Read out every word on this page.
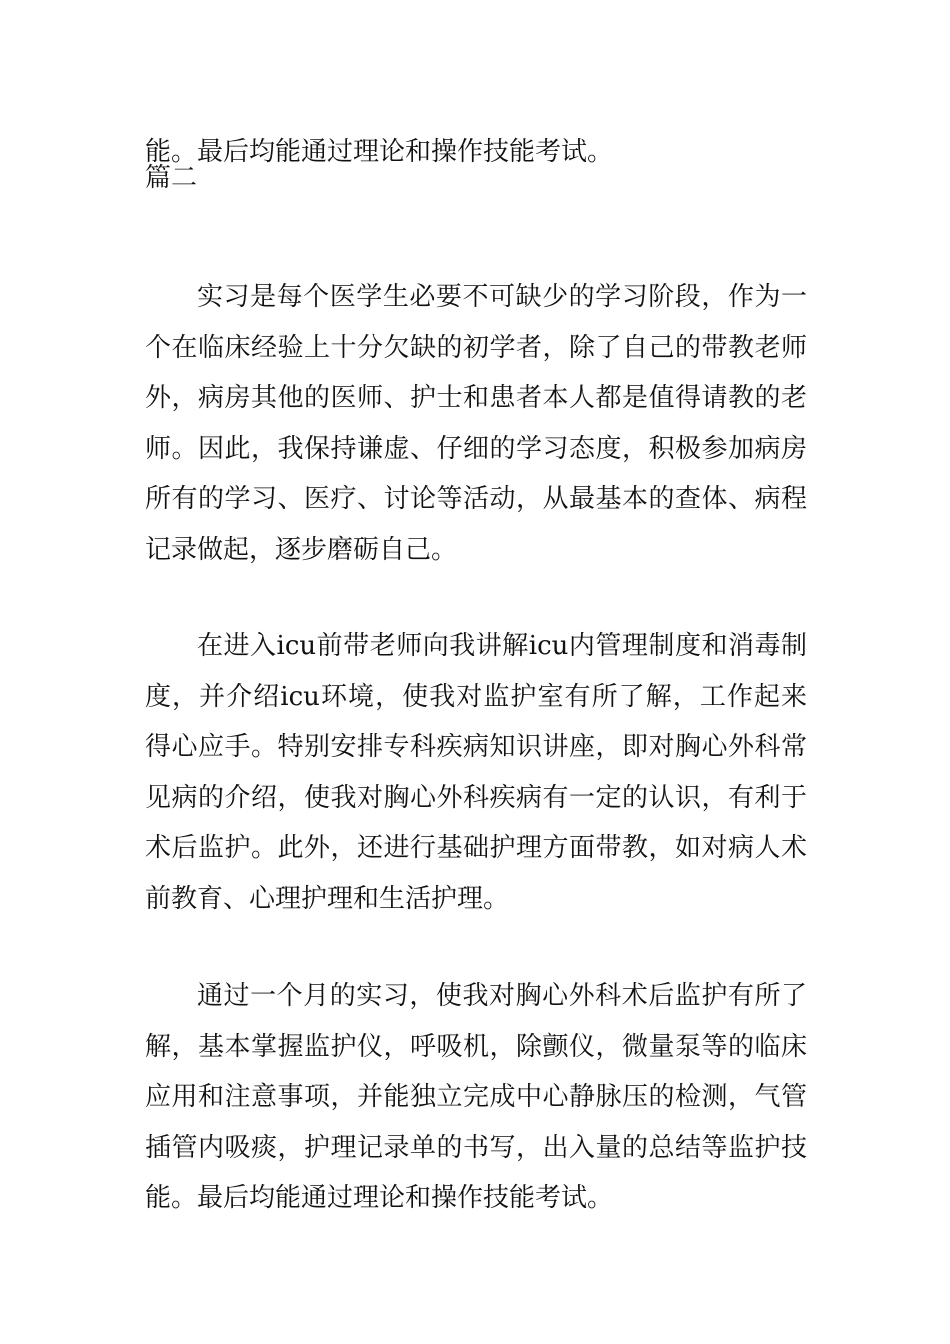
能。最后均能通过理论和操作技能考试。
篇二

实习是每个医学生必要不可缺少的学习阶段，作为一个在临床经验上十分欠缺的初学者，除了自己的带教老师外，病房其他的医师、护士和患者本人都是值得请教的老师。因此，我保持谦虚、仔细的学习态度，积极参加病房所有的学习、医疗、讨论等活动，从最基本的查体、病程记录做起，逐步磨砺自己。

在进入icu前带老师向我讲解icu内管理制度和消毒制度，并介绍icu环境，使我对监护室有所了解，工作起来得心应手。特别安排专科疾病知识讲座，即对胸心外科常见病的介绍，使我对胸心外科疾病有一定的认识，有利于术后监护。此外，还进行基础护理方面带教，如对病人术前教育、心理护理和生活护理。

通过一个月的实习，使我对胸心外科术后监护有所了解，基本掌握监护仪，呼吸机，除颤仪，微量泵等的临床应用和注意事项，并能独立完成中心静脉压的检测，气管插管内吸痰，护理记录单的书写，出入量的总结等监护技能。最后均能通过理论和操作技能考试。
